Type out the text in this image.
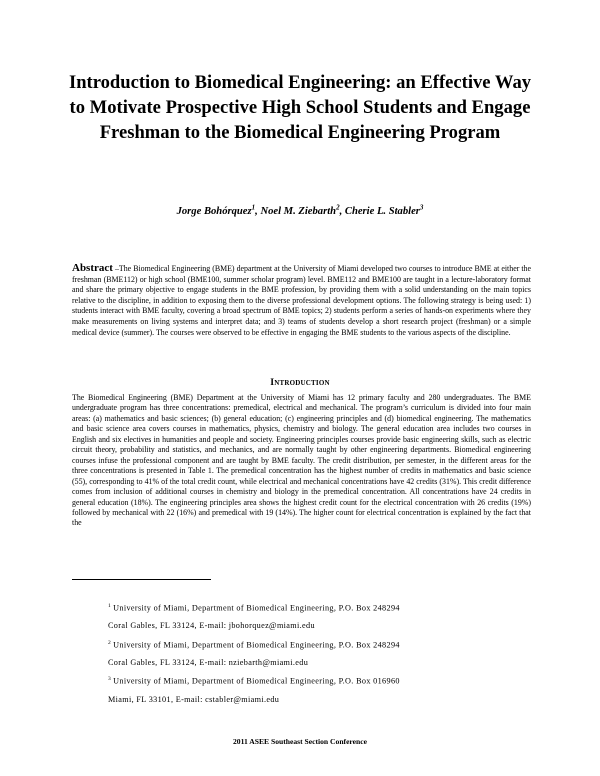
Introduction to Biomedical Engineering: an Effective Way to Motivate Prospective High School Students and Engage Freshman to the Biomedical Engineering Program
Jorge Bohórquez$^1$, Noel M. Ziebarth$^2$, Cherie L. Stabler$^3$
Abstract –The Biomedical Engineering (BME) department at the University of Miami developed two courses to introduce BME at either the freshman (BME112) or high school (BME100, summer scholar program) level. BME112 and BME100 are taught in a lecture-laboratory format and share the primary objective to engage students in the BME profession, by providing them with a solid understanding on the main topics relative to the discipline, in addition to exposing them to the diverse professional development options. The following strategy is being used: 1) students interact with BME faculty, covering a broad spectrum of BME topics; 2) students perform a series of hands-on experiments where they make measurements on living systems and interpret data; and 3) teams of students develop a short research project (freshman) or a simple medical device (summer). The courses were observed to be effective in engaging the BME students to the various aspects of the discipline.
Introduction
The Biomedical Engineering (BME) Department at the University of Miami has 12 primary faculty and 280 undergraduates. The BME undergraduate program has three concentrations: premedical, electrical and mechanical. The program’s curriculum is divided into four main areas: (a) mathematics and basic sciences; (b) general education; (c) engineering principles and (d) biomedical engineering. The mathematics and basic science area covers courses in mathematics, physics, chemistry and biology. The general education area includes two courses in English and six electives in humanities and people and society. Engineering principles courses provide basic engineering skills, such as electric circuit theory, probability and statistics, and mechanics, and are normally taught by other engineering departments. Biomedical engineering courses infuse the professional component and are taught by BME faculty. The credit distribution, per semester, in the different areas for the three concentrations is presented in Table 1. The premedical concentration has the highest number of credits in mathematics and basic science (55), corresponding to 41% of the total credit count, while electrical and mechanical concentrations have 42 credits (31%). This credit difference comes from inclusion of additional courses in chemistry and biology in the premedical concentration. All concentrations have 24 credits in general education (18%). The engineering principles area shows the highest credit count for the electrical concentration with 26 credits (19%) followed by mechanical with 22 (16%) and premedical with 19 (14%). The higher count for electrical concentration is explained by the fact that the
$^1$ University of Miami, Department of Biomedical Engineering, P.O. Box 248294
Coral Gables, FL 33124, E-mail: jbohorquez@miami.edu
$^2$ University of Miami, Department of Biomedical Engineering, P.O. Box 248294
Coral Gables, FL 33124, E-mail: nziebarth@miami.edu
$^3$ University of Miami, Department of Biomedical Engineering, P.O. Box 016960
Miami, FL 33101, E-mail: cstabler@miami.edu
2011 ASEE Southeast Section Conference
